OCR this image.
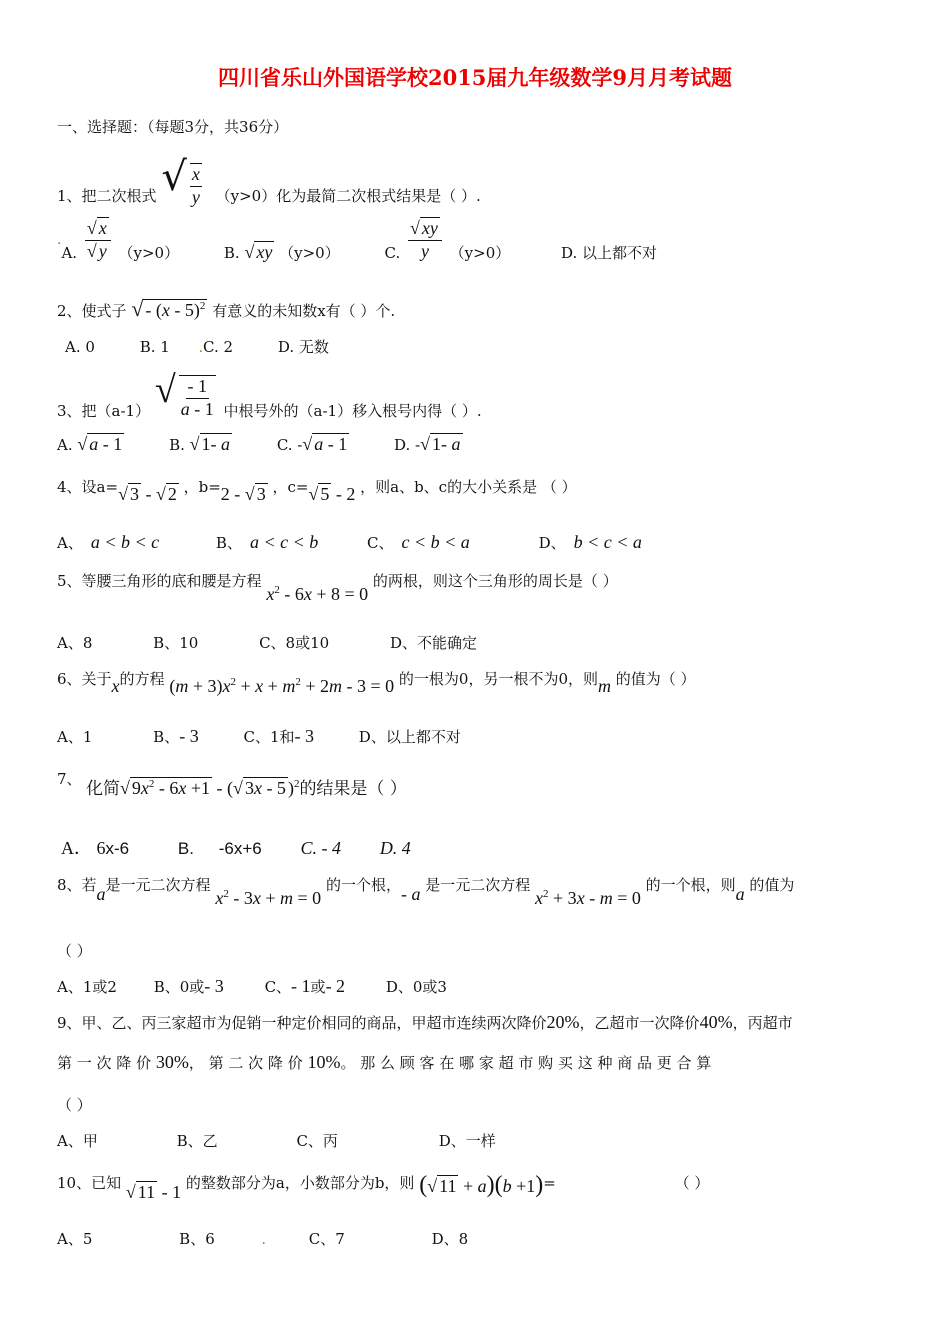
四川省乐山外国语学校2015届九年级数学9月月考试题
一、选择题：（每题3分，共36分）
1、把二次根式 √ $\frac{x}{y} (y>0)$化为最简二次根式结果是（ ）.
.A. $\frac{√ x}{√ y} (y>0)$	B. √ xy （y>0）	C. $\frac{√ xy}{y} (y>0)$	D. 以上都不对
2、使式子 √ - (x - 5)$^2$ 有意义的未知数x有（ ）个.
A. 0	B. 1 .C. 2	D. 无数
3、把（a-1） √ $\frac{- 1}{a - 1}$ 中根号外的（a-1）移入根号内得（ ）.
A. √ a - 1	B. √ 1- a	C. -√ a - 1	D. -√ 1- a
4、设a=√ 3 - √ 2 ，b=2 - √ 3 ，c=√ 5 - 2 ，则a、b、c的大小关系是 （ ）
A、 a < b < c	B、 a < c < b	C、 c < b < a	D、 b < c < a
5、等腰三角形的底和腰是方程 $x^2 - 6x + 8 = 0$ 的两根，则这个三角形的周长是（ ）
A、8	B、10	C、8或10	D、不能确定
6、关于x的方程 $(m + 3)x^2 + x + m^2 + 2m - 3 = 0$ 的一根为0，另一根不为0，则m 的值为（ ）
A、1	B、- 3	C、1和- 3	D、以上都不对
7、 化简√ $9x^2 - 6x +1$ - (√ 3x - 5 )$^2$的结果是（ ）
A． 6x-6	B. -6x+6 C. - 4 D. 4
8、若a是一元二次方程 $x^2 - 3x + m = 0$ 的一个根，- a 是一元二次方程 $x^2 + 3x - m = 0$ 的一个根，则a 的值为
（ ）
A、1或2 B、0或- 3	C、- 1或- 2	D、0或3
9、甲、乙、丙三家超市为促销一种定价相同的商品，甲超市连续两次降价20%，乙超市一次降价40%，丙超市
第 一 次 降 价 30%， 第 二 次 降 价 10%。 那 么 顾 客 在 哪 家 超 市 购 买 这 种 商 品 更 合 算
（ ）
A、甲	B、乙	C、丙	D、一样
10、已知 √ 11 - 1 的整数部分为a，小数部分为b，则 (√ 11 + a)(b +1)=	（ ）
A、5	B、6	.	C、7	D、8
